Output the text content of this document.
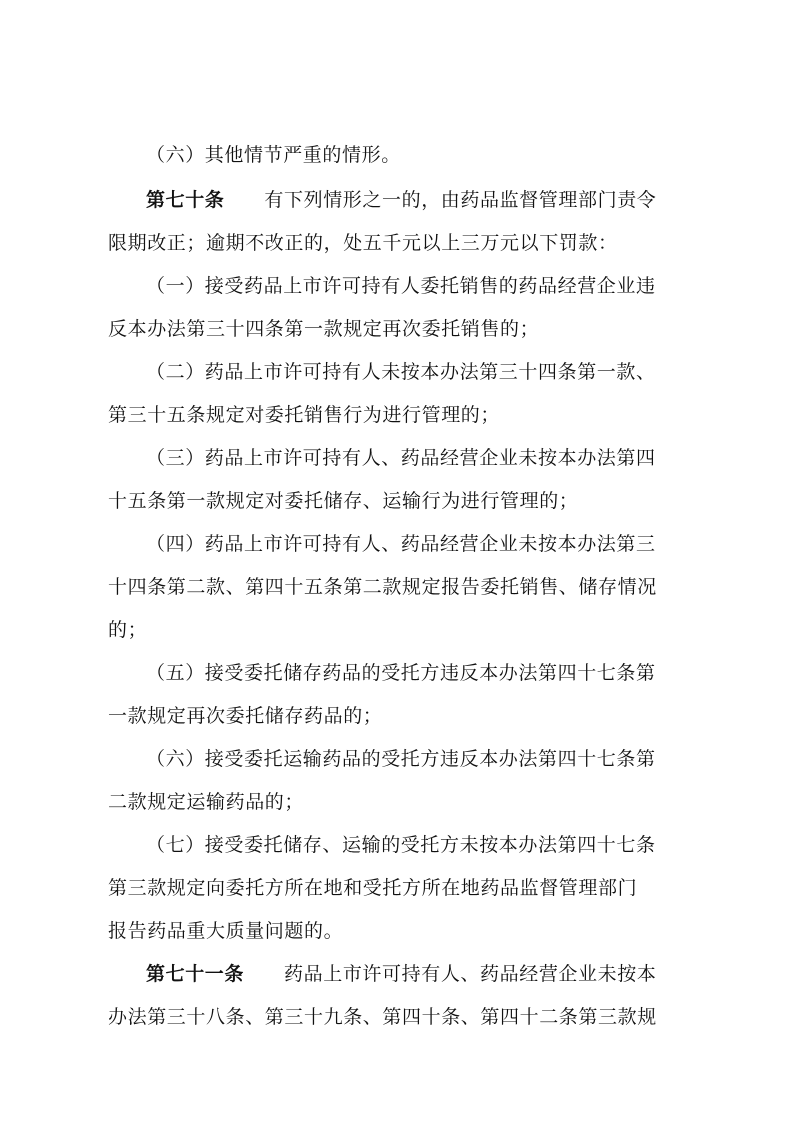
（六）其他情节严重的情形。
第七十条 有下列情形之一的，由药品监督管理部门责令
限期改正；逾期不改正的，处五千元以上三万元以下罚款：
（一）接受药品上市许可持有人委托销售的药品经营企业违
反本办法第三十四条第一款规定再次委托销售的；
（二）药品上市许可持有人未按本办法第三十四条第一款、
第三十五条规定对委托销售行为进行管理的；
（三）药品上市许可持有人、药品经营企业未按本办法第四
十五条第一款规定对委托储存、运输行为进行管理的；
（四）药品上市许可持有人、药品经营企业未按本办法第三
十四条第二款、第四十五条第二款规定报告委托销售、储存情况
的；
（五）接受委托储存药品的受托方违反本办法第四十七条第
一款规定再次委托储存药品的；
（六）接受委托运输药品的受托方违反本办法第四十七条第
二款规定运输药品的；
（七）接受委托储存、运输的受托方未按本办法第四十七条
第三款规定向委托方所在地和受托方所在地药品监督管理部门
报告药品重大质量问题的。
第七十一条 药品上市许可持有人、药品经营企业未按本
办法第三十八条、第三十九条、第四十条、第四十二条第三款规
